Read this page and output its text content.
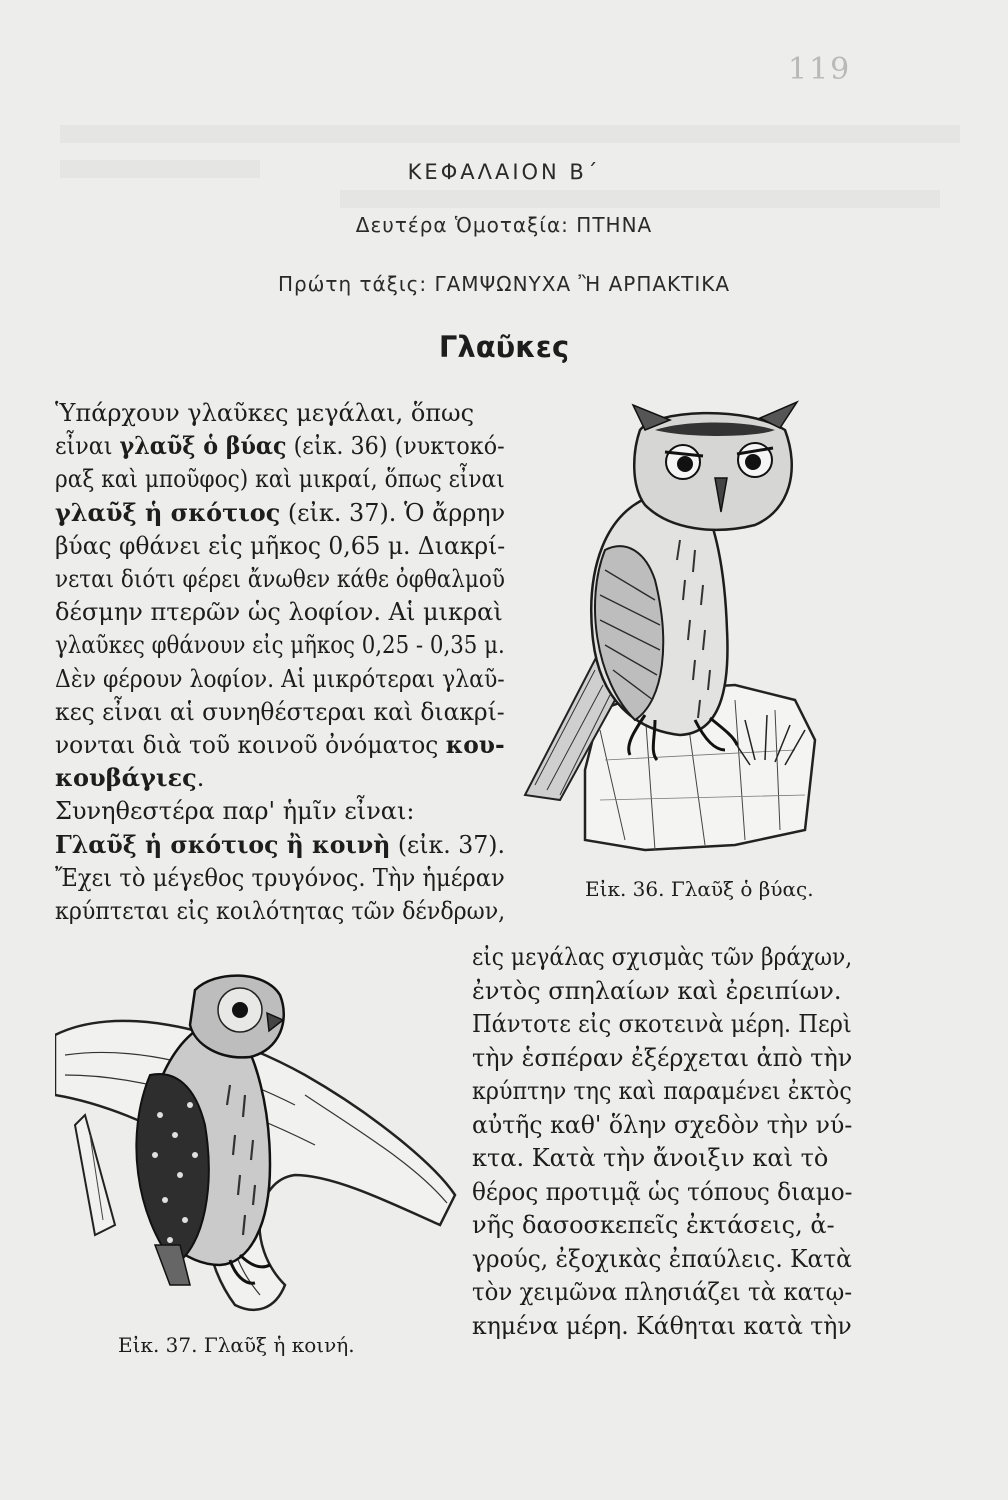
119
ΚΕΦΑΛΑΙΟΝ Β΄
Δευτέρα Ὁμοταξία: ΠΤΗΝΑ
Πρώτη τάξις: ΓΑΜΨΩΝΥΧΑ Ἢ ΑΡΠΑΚΤΙΚΑ
Γλαῦκες
Ὑπάρχουν γλαῦκες μεγάλαι, ὅπως
εἶναι γλαῦξ ὁ βύας (εἰκ. 36) (νυκτοκό-
ραξ καὶ μποῦφος) καὶ μικραί, ὅπως εἶναι
γλαῦξ ἡ σκότιος (εἰκ. 37). Ὁ ἄρρην
βύας φθάνει εἰς μῆκος 0,65 μ. Διακρί-
νεται διότι φέρει ἄνωθεν κάθε ὀφθαλμοῦ
δέσμην πτερῶν ὡς λοφίον. Αἱ μικραὶ
γλαῦκες φθάνουν εἰς μῆκος 0,25 - 0,35 μ.
Δὲν φέρουν λοφίον. Αἱ μικρότεραι γλαῦ-
κες εἶναι αἱ συνηθέστεραι καὶ διακρί-
νονται διὰ τοῦ κοινοῦ ὀνόματος κου-
κουβάγιες.
Συνηθεστέρα παρ' ἡμῖν εἶναι:
Γλαῦξ ἡ σκότιος ἢ κοινὴ (εἰκ. 37).
Ἔχει τὸ μέγεθος τρυγόνος. Τὴν ἡμέραν
κρύπτεται εἰς κοιλότητας τῶν δένδρων,
εἰς μεγάλας σχισμὰς τῶν βράχων,
ἐντὸς σπηλαίων καὶ ἐρειπίων.
Πάντοτε εἰς σκοτεινὰ μέρη. Περὶ
τὴν ἑσπέραν ἐξέρχεται ἀπὸ τὴν
κρύπτην της καὶ παραμένει ἐκτὸς
αὐτῆς καθ' ὅλην σχεδὸν τὴν νύ-
κτα. Κατὰ τὴν ἄνοιξιν καὶ τὸ
θέρος προτιμᾷ ὡς τόπους διαμο-
νῆς δασοσκεπεῖς ἐκτάσεις, ἀ-
γρούς, ἐξοχικὰς ἐπαύλεις. Κατὰ
τὸν χειμῶνα πλησιάζει τὰ κατῳ-
κημένα μέρη. Κάθηται κατὰ τὴν
Εἰκ. 36. Γλαῦξ ὁ βύας.
Εἰκ. 37. Γλαῦξ ἡ κοινή.
